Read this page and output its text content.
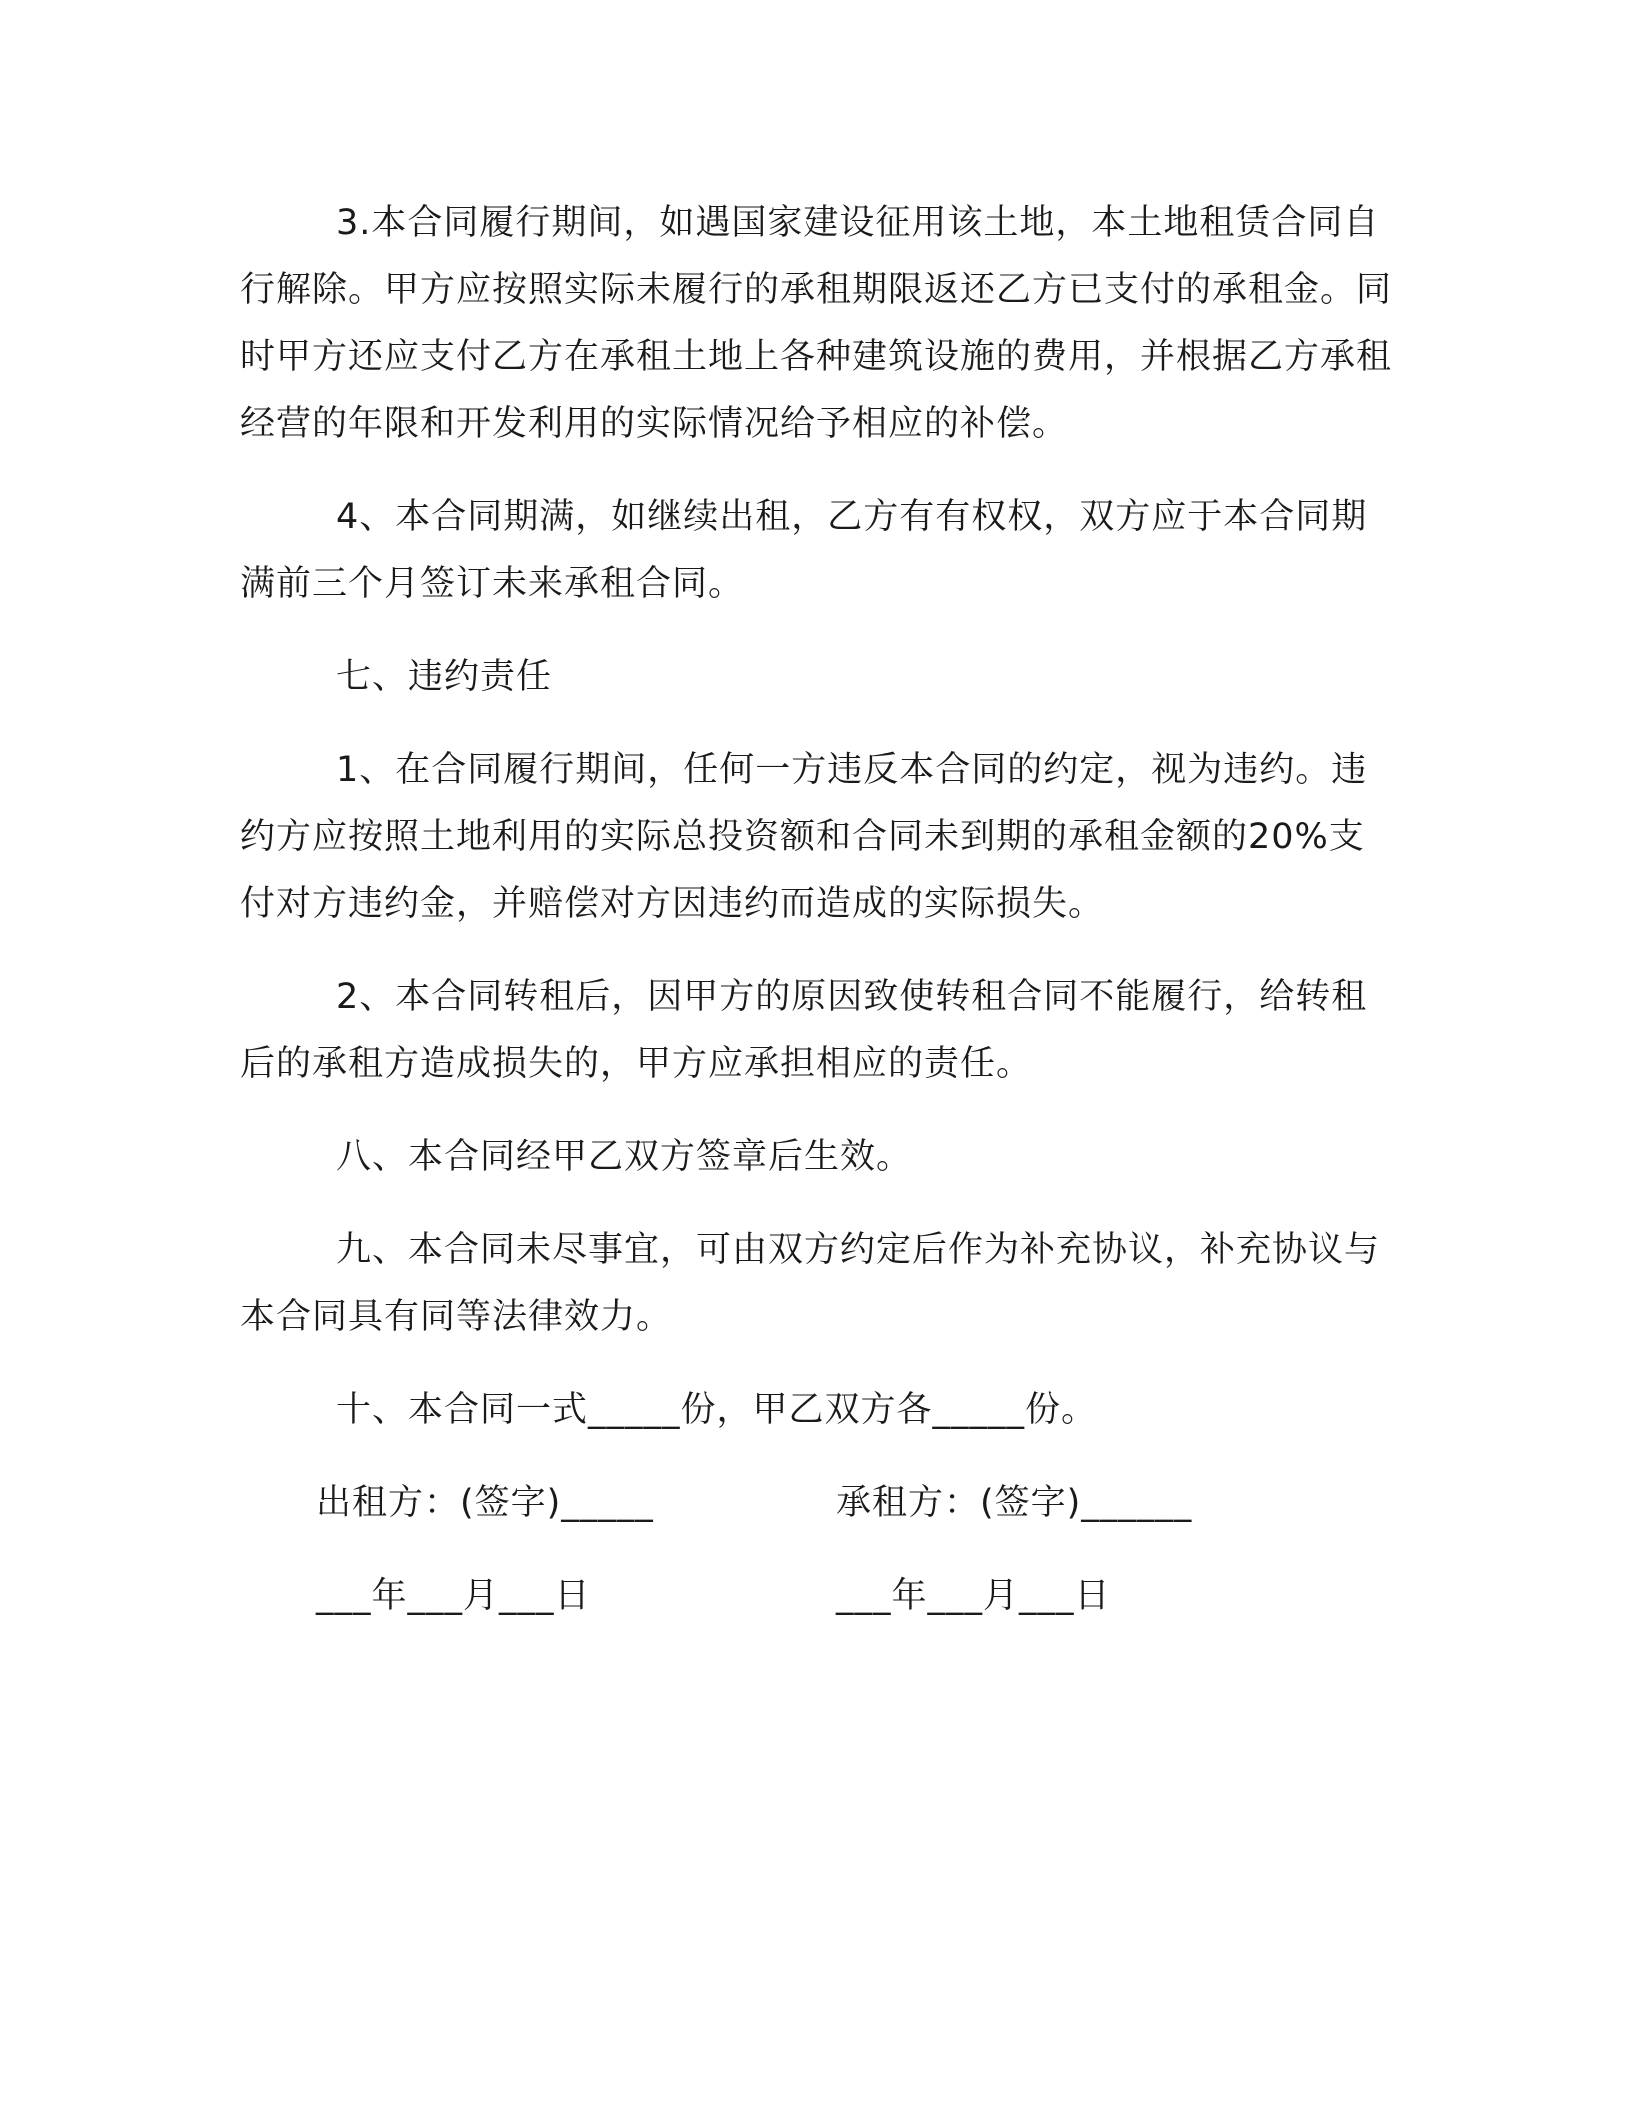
3.本合同履行期间，如遇国家建设征用该土地，本土地租赁合同自行解除。甲方应按照实际未履行的承租期限返还乙方已支付的承租金。同时甲方还应支付乙方在承租土地上各种建筑设施的费用，并根据乙方承租经营的年限和开发利用的实际情况给予相应的补偿。

4、本合同期满，如继续出租，乙方有有权权，双方应于本合同期满前三个月签订未来承租合同。

七、违约责任

1、在合同履行期间，任何一方违反本合同的约定，视为违约。违约方应按照土地利用的实际总投资额和合同未到期的承租金额的20%支付对方违约金，并赔偿对方因违约而造成的实际损失。

2、本合同转租后，因甲方的原因致使转租合同不能履行，给转租后的承租方造成损失的，甲方应承担相应的责任。

八、本合同经甲乙双方签章后生效。

九、本合同未尽事宜，可由双方约定后作为补充协议，补充协议与本合同具有同等法律效力。

十、本合同一式_____份，甲乙双方各_____份。

出租方：(签字)_____	承租方：(签字)______
___年___月___日	___年___月___日
